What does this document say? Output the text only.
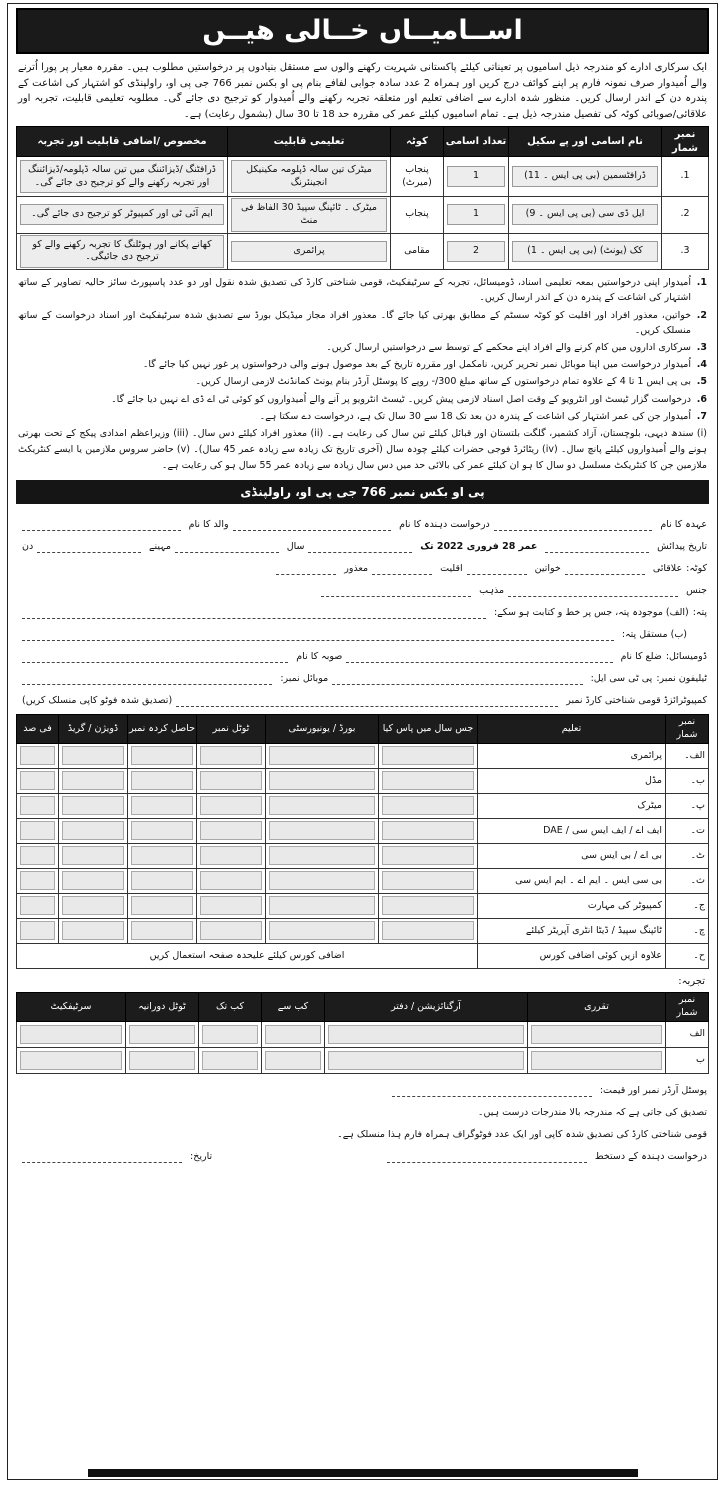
اســامیــاں خــالی ھیــں
ایک سرکاری ادارے کو مندرجہ ذیل اسامیوں پر تعیناتی کیلئے پاکستانی شہریت رکھنے والوں سے مستقل بنیادوں پر درخواستیں مطلوب ہیں۔ مقررہ معیار پر پورا اُترنے والے اُمیدوار صرف نمونہ فارم پر اپنے کوائف درج کریں اور ہمراہ 2 عدد سادہ جوابی لفافے بنام پی او بکس نمبر 766 جی پی او، راولپنڈی کو اشتہار کی اشاعت کے پندرہ دن کے اندر ارسال کریں۔ منظور شدہ ادارے سے اضافی تعلیم اور متعلقہ تجربہ رکھنے والے اُمیدوار کو ترجیح دی جائے گی۔ مطلوبہ تعلیمی قابلیت، تجربہ اور علاقائی/صوبائی کوٹہ کی تفصیل مندرجہ ذیل ہے۔ تمام اسامیوں کیلئے عمر کی مقررہ حد 18 تا 30 سال (بشمول رعایت) ہے۔
نمبر شمار	نام اسامی اور پے سکیل	تعداد اسامی	کوٹہ	تعلیمی قابلیت	مخصوص /اضافی قابلیت اور تجربہ
1.	ڈرافٹسمین (بی پی ایس ۔ 11)	1	پنجاب (میرٹ)	میٹرک تین سالہ ڈپلومہ مکینیکل انجینئرنگ	ڈرافٹنگ /ڈیزائننگ میں تین سالہ ڈپلومہ/ڈیزائننگ اور تجربہ رکھنے والے کو ترجیح دی جائے گی۔

2.	ایل ڈی سی (بی پی ایس ۔ 9)	1	پنجاب	میٹرک ۔ ٹائپنگ سپیڈ 30 الفاظ فی منٹ	ایم آئی ٹی اور کمپیوٹر کو ترجیح دی جائے گی۔

3.	کک (یونٹ) (بی پی ایس ۔ 1)	2	مقامی	پرائمری	کھانے پکانے اور ہوٹلنگ کا تجربہ رکھنے والے کو ترجیح دی جائیگی۔
1.
اُمیدوار اپنی درخواستیں بمعہ تعلیمی اسناد، ڈومیسائل، تجربہ کے سرٹیفکیٹ، قومی شناختی کارڈ کی تصدیق شدہ نقول اور دو عدد پاسپورٹ سائز حالیہ تصاویر کے ساتھ اشتہار کی اشاعت کے پندرہ دن کے اندر ارسال کریں۔
2.
خواتین، معذور افراد اور اقلیت کو کوٹہ سسٹم کے مطابق بھرتی کیا جائے گا۔ معذور افراد مجاز میڈیکل بورڈ سے تصدیق شدہ سرٹیفکیٹ اور اسناد درخواست کے ساتھ منسلک کریں۔
3.
سرکاری اداروں میں کام کرنے والے افراد اپنے محکمے کے توسط سے درخواستیں ارسال کریں۔
4.
اُمیدوار درخواست میں اپنا موبائل نمبر تحریر کریں، نامکمل اور مقررہ تاریخ کے بعد موصول ہونے والی درخواستوں پر غور نہیں کیا جائے گا۔
5.
بی پی ایس 1 تا 4 کے علاوہ تمام درخواستوں کے ساتھ مبلغ 300/- روپے کا پوسٹل آرڈر بنام یونٹ کمانڈنٹ لازمی ارسال کریں۔
6.
درخواست گزار ٹیسٹ اور انٹرویو کے وقت اصل اسناد لازمی پیش کریں۔ ٹیسٹ انٹرویو پر آنے والے اُمیدواروں کو کوئی ٹی اے ڈی اے نہیں دیا جائے گا۔
7.
اُمیدوار جن کی عمر اشتہار کی اشاعت کے پندرہ دن بعد تک 18 سے 30 سال تک ہے، درخواست دے سکتا ہے۔
(i) سندھ دیہی، بلوچستان، آزاد کشمیر، گلگت بلتستان اور قبائل کیلئے تین سال کی رعایت ہے۔ (ii) معذور افراد کیلئے دس سال۔ (iii) وزیراعظم امدادی پیکج کے تحت بھرتی ہونے والے اُمیدواروں کیلئے پانچ سال۔ (iv) ریٹائرڈ فوجی حضرات کیلئے چودہ سال (آخری تاریخ تک زیادہ سے زیادہ عمر 45 سال)۔ (v) حاضر سروس ملازمین یا ایسے کنٹریکٹ ملازمین جن کا کنٹریکٹ مسلسل دو سال کا ہو ان کیلئے عمر کی بالائی حد میں دس سال زیادہ سے زیادہ عمر 55 سال ہو کی رعایت ہے۔
پی او بکس نمبر 766 جی پی او، راولپنڈی
عہدہ کا نام
درخواست دہندہ کا نام
والد کا نام
تاریخ پیدائش
عمر 28 فروری 2022 تک
سال
مہینے
دن
کوٹہ:
علاقائی
خواتین
اقلیت
معذور
جنس
مذہب
پتہ:
(الف) موجودہ پتہ، جس پر خط و کتابت ہو سکے:
(ب) مستقل پتہ:
ڈومیسائل:
ضلع کا نام
صوبہ کا نام
ٹیلیفون نمبر:
پی ٹی سی ایل:
موبائل نمبر:
کمپیوٹرائزڈ قومی شناختی کارڈ نمبر
(تصدیق شدہ فوٹو کاپی منسلک کریں)
نمبر شمار	تعلیم	جس سال میں پاس کیا	بورڈ / یونیورسٹی	ٹوٹل نمبر	حاصل کردہ نمبر	ڈویژن / گریڈ	فی صد
الف۔	پرائمری	

ب۔	مڈل	

پ۔	میٹرک	

ت۔	ایف اے / ایف ایس سی / DAE	

ٹ۔	بی اے / بی ایس سی	

ث۔	بی سی ایس ۔ ایم اے ۔ ایم ایس سی	

ج۔	کمپیوٹر کی مہارت	

چ۔	ٹائپنگ سپیڈ / ڈیٹا انٹری آپریٹر کیلئے	

ح۔	علاوہ ازیں کوئی اضافی کورس	اضافی کورس کیلئے علیحدہ صفحہ استعمال کریں					
تجربہ:
نمبر شمار	تقرری	آرگنائزیشن / دفتر	کب سے	کب تک	ٹوٹل دورانیہ	سرٹیفکیٹ
الف	

ب	

پوسٹل آرڈر نمبر اور قیمت:
تصدیق کی جاتی ہے کہ مندرجہ بالا مندرجات درست ہیں۔
قومی شناختی کارڈ کی تصدیق شدہ کاپی اور ایک عدد فوٹوگراف ہمراہ فارم ہذا منسلک ہے۔
درخواست دہندہ کے دستخط
تاریخ:
